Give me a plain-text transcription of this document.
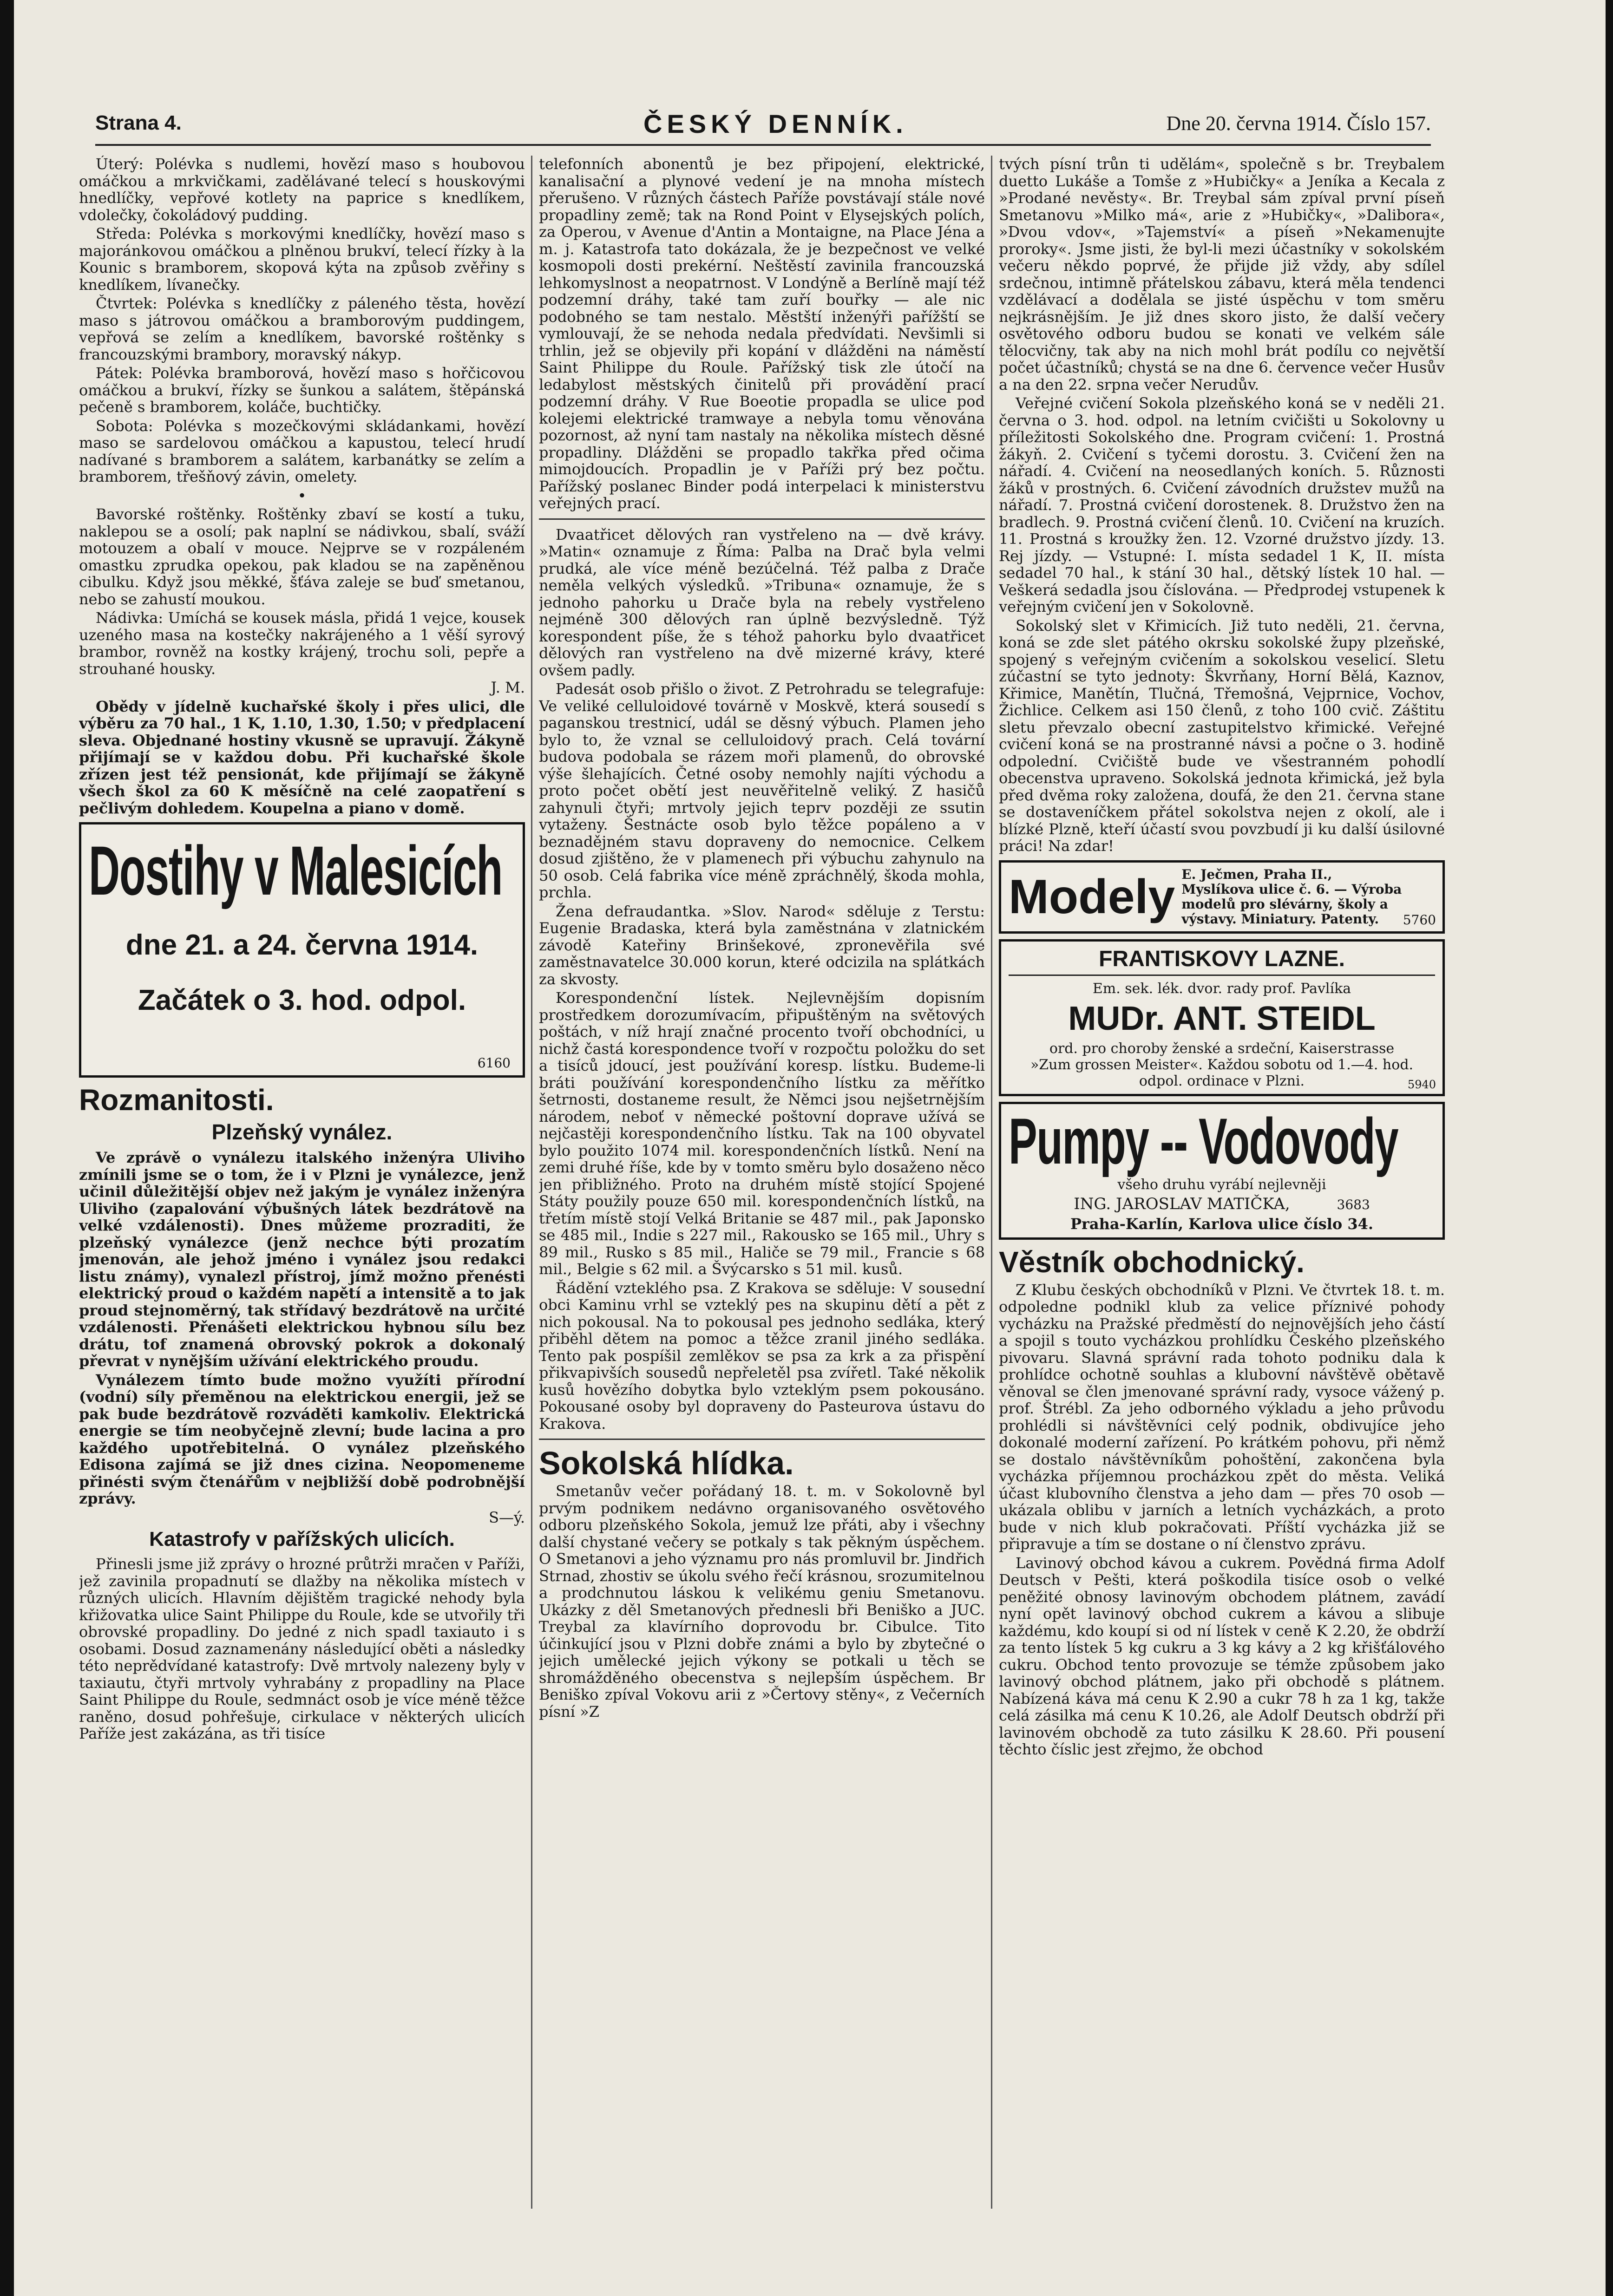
Strana 4.	ČESKÝ DENNÍK.	Dne 20. června 1914. Číslo 157.

Úterý: Polévka s nudlemi, hovězí maso s houbovou omáčkou a mrkvičkami, zadělávané telecí s houskovými hnedlíčky, vepřové kotlety na paprice s knedlíkem, vdolečky, čokoládový pudding.

Středa: Polévka s morkovými knedlíčky, hovězí maso s majoránkovou omáčkou a plněnou brukví, telecí řízky à la Kounic s bramborem, skopová kýta na způsob zvěřiny s knedlíkem, lívanečky.

Čtvrtek: Polévka s knedlíčky z páleného těsta, hovězí maso s játrovou omáčkou a bramborovým puddingem, vepřová se zelím a knedlíkem, bavorské roštěnky s francouzskými brambory, moravský nákyp.

Pátek: Polévka bramborová, hovězí maso s hořčicovou omáčkou a brukví, řízky se šunkou a salátem, štěpánská pečeně s bramborem, koláče, buchtičky.

Sobota: Polévka s mozečkovými skládankami, hovězí maso se sardelovou omáčkou a kapustou, telecí hrudí nadívané s bramborem a salátem, karbanátky se zelím a bramborem, třešňový závin, omelety.

•

Bavorské roštěnky. Roštěnky zbaví se kostí a tuku, naklepou se a osolí; pak naplní se nádivkou, sbalí, sváží motouzem a obalí v mouce. Nejprve se v rozpáleném omastku zprudka opekou, pak kladou se na zapěněnou cibulku. Když jsou měkké, šťáva zaleje se buď smetanou, nebo se zahustí moukou.

Nádivka: Umíchá se kousek másla, přidá 1 vejce, kousek uzeného masa na kostečky nakrájeného a 1 věší syrový brambor, rovněž na kostky krájený, trochu soli, pepře a strouhané housky.

J. M.

Obědy v jídelně kuchařské školy i přes ulici, dle výběru za 70 hal., 1 K, 1.10, 1.30, 1.50; v předplacení sleva. Objednané hostiny vkusně se upravují. Žákyně přijímají se v každou dobu. Při kuchařské škole zřízen jest též pensionát, kde přijímají se žákyně všech škol za 60 K měsíčně na celé zaopatření s pečlivým dohledem. Koupelna a piano v domě.

Dostihy v Malesicích
dne 21. a 24. června 1914.
Začátek o 3. hod. odpol.
6160
Rozmanitosti.
Plzeňský vynález.

Ve zprávě o vynálezu italského inženýra Uliviho zmínili jsme se o tom, že i v Plzni je vynálezce, jenž učinil důležitější objev než jakým je vynález inženýra Uliviho (zapalování výbušných látek bezdrátově na velké vzdálenosti). Dnes můžeme prozraditi, že plzeňský vynálezce (jenž nechce býti prozatím jmenován, ale jehož jméno i vynález jsou redakci listu známy), vynalezl přístroj, jímž možno přenésti elektrický proud o každém napětí a intensitě a to jak proud stejnoměrný, tak střídavý bezdrátově na určité vzdálenosti. Přenášeti elektrickou hybnou sílu bez drátu, tof znamená obrovský pokrok a dokonalý převrat v nynějším užívání elektrického proudu.

Vynálezem tímto bude možno využíti přírodní (vodní) síly přeměnou na elektrickou energii, jež se pak bude bezdrátově rozváděti kamkoliv. Elektrická energie se tím neobyčejně zlevní; bude lacina a pro každého upotřebitelná. O vynález plzeňského Edisona zajímá se již dnes cizina. Neopomeneme přinésti svým čtenářům v nejbližší době podrobnější zprávy.

S—ý.

Katastrofy v pařížských ulicích.

Přinesli jsme již zprávy o hrozné průtrži mračen v Paříži, jež zavinila propadnutí se dlažby na několika místech v různých ulicích. Hlavním dějištěm tragické nehody byla křižovatka ulice Saint Philippe du Roule, kde se utvořily tři obrovské propadliny. Do jedné z nich spadl taxiauto i s osobami. Dosud zaznamenány následující oběti a následky této neprědvídané katastrofy: Dvě mrtvoly nalezeny byly v taxiautu, čtyři mrtvoly vyhrabány z propadliny na Place Saint Philippe du Roule, sedmnáct osob je více méně těžce raněno, dosud pohřešuje, cirkulace v některých ulicích Paříže jest zakázána, as tři tisíce

telefonních abonentů je bez připojení, elektrické, kanalisační a plynové vedení je na mnoha místech přerušeno. V různých částech Paříže povstávají stále nové propadliny země; tak na Rond Point v Elysejských polích, za Operou, v Avenue d'Antin a Montaigne, na Place Jéna a m. j. Katastrofa tato dokázala, že je bezpečnost ve velké kosmopoli dosti prekérní. Neštěstí zavinila francouzská lehkomyslnost a neopatrnost. V Londýně a Berlíně mají též podzemní dráhy, také tam zuří bouřky — ale nic podobného se tam nestalo. Městští inženýři pařížští se vymlouvají, že se nehoda nedala předvídati. Nevšimli si trhlin, jež se objevily při kopání v dlážděni na náměstí Saint Philippe du Roule. Pařížský tisk zle útočí na ledabylost městských činitelů při provádění prací podzemní dráhy. V Rue Boeotie propadla se ulice pod kolejemi elektrické tramwaye a nebyla tomu věnována pozornost, až nyní tam nastaly na několika místech děsné propadliny. Dlážděni se propadlo takřka před očima mimojdoucích. Propadlin je v Paříži prý bez počtu. Pařížský poslanec Binder podá interpelaci k ministerstvu veřejných prací.

Dvaatřicet dělových ran vystřeleno na — dvě krávy. »Matin« oznamuje z Říma: Palba na Drač byla velmi prudká, ale více méně bezúčelná. Též palba z Drače neměla velkých výsledků. »Tribuna« oznamuje, že s jednoho pahorku u Drače byla na rebely vystřeleno nejméně 300 dělových ran úplně bezvýsledně. Týž korespondent píše, že s téhož pahorku bylo dvaatřicet dělových ran vystřeleno na dvě mizerné krávy, které ovšem padly.

Padesát osob přišlo o život. Z Petrohradu se telegrafuje: Ve veliké celluloidové továrně v Moskvě, která sousedí s paganskou trestnicí, udál se děsný výbuch. Plamen jeho bylo to, že vznal se celluloidový prach. Celá tovární budova podobala se rázem moři plamenů, do obrovské výše šlehajících. Četné osoby nemohly najíti východu a proto počet obětí jest neuvěřitelně veliký. Z hasičů zahynuli čtyři; mrtvoly jejich teprv později ze ssutin vytaženy. Šestnácte osob bylo těžce popáleno a v beznadějném stavu dopraveny do nemocnice. Celkem dosud zjištěno, že v plamenech při výbuchu zahynulo na 50 osob. Celá fabrika více méně zpráchnělý, škoda mohla, prchla.

Žena defraudantka. »Slov. Narod« sděluje z Terstu: Eugenie Bradaska, která byla zaměstnána v zlatnickém závodě Kateřiny Brinšekové, zpronevěřila své zaměstnavatelce 30.000 korun, které odcizila na splátkách za skvosty.

Korespondenční lístek. Nejlevnějším dopisním prostředkem dorozumívacím, připuštěným na světových poštách, v níž hrají značné procento tvoří obchodníci, u nichž častá korespondence tvoří v rozpočtu položku do set a tisíců jdoucí, jest používání koresp. lístku. Budeme-li bráti používání korespondenčního lístku za měřítko šetrnosti, dostaneme result, že Němci jsou nejšetrnějším národem, neboť v německé poštovní doprave užívá se nejčastěji korespondenčního lístku. Tak na 100 obyvatel bylo použito 1074 mil. korespondenčních lístků. Není na zemi druhé říše, kde by v tomto směru bylo dosaženo něco jen přibližného. Proto na druhém místě stojící Spojené Státy použily pouze 650 mil. korespondenčních lístků, na třetím místě stojí Velká Britanie se 487 mil., pak Japonsko se 485 mil., Indie s 227 mil., Rakousko se 165 mil., Uhry s 89 mil., Rusko s 85 mil., Haliče se 79 mil., Francie s 68 mil., Belgie s 62 mil. a Švýcarsko s 51 mil. kusů.

Řádění vzteklého psa. Z Krakova se sděluje: V sousední obci Kaminu vrhl se vzteklý pes na skupinu dětí a pět z nich pokousal. Na to pokousal pes jednoho sedláka, který přiběhl dětem na pomoc a těžce zranil jiného sedláka. Tento pak pospíšil zemlěkov se psa za krk a za přispění přikvapivších sousedů nepřeletěl psa zvířetl. Také několik kusů hovězího dobytka bylo vzteklým psem pokousáno. Pokousané osoby byl dopraveny do Pasteurova ústavu do Krakova.

Sokolská hlídka.

Smetanův večer pořádaný 18. t. m. v Sokolovně byl prvým podnikem nedávno organisovaného osvětového odboru plzeňského Sokola, jemuž lze přáti, aby i všechny další chystané večery se potkaly s tak pěkným úspěchem. O Smetanovi a jeho významu pro nás promluvil br. Jindřich Strnad, zhostiv se úkolu svého řečí krásnou, srozumitelnou a prodchnutou láskou k velikému geniu Smetanovu. Ukázky z děl Smetanových přednesli bři Beniško a JUC. Treybal za klavírního doprovodu br. Cibulce. Tito účinkující jsou v Plzni dobře známi a bylo by zbytečné o jejich umělecké jejich výkony se potkali u těch se shromážděného obecenstva s nejlepším úspěchem. Br Beniško zpíval Vokovu arii z »Čertovy stěny«, z Večerních písní »Z

tvých písní trůn ti udělám«, společně s br. Treybalem duetto Lukáše a Tomše z »Hubičky« a Jeníka a Kecala z »Prodané nevěsty«. Br. Treybal sám zpíval první píseň Smetanovu »Milko má«, arie z »Hubičky«, »Dalibora«, »Dvou vdov«, »Tajemství« a píseň »Nekamenujte proroky«. Jsme jisti, že byl-li mezi účastníky v sokolském večeru někdo poprvé, že přijde již vždy, aby sdílel srdečnou, intimně přátelskou zábavu, která měla tendenci vzdělávací a dodělala se jisté úspěchu v tom směru nejkrásnějším. Je již dnes skoro jisto, že další večery osvětového odboru budou se konati ve velkém sále tělocvičny, tak aby na nich mohl brát podílu co největší počet účastníků; chystá se na dne 6. července večer Husův a na den 22. srpna večer Nerudův.

Veřejné cvičení Sokola plzeňského koná se v neděli 21. června o 3. hod. odpol. na letním cvičišti u Sokolovny u příležitosti Sokolského dne. Program cvičení: 1. Prostná žákyň. 2. Cvičení s tyčemi dorostu. 3. Cvičení žen na nářadí. 4. Cvičení na neosedlaných koních. 5. Různosti žáků v prostných. 6. Cvičení závodních družstev mužů na nářadí. 7. Prostná cvičení dorostenek. 8. Družstvo žen na bradlech. 9. Prostná cvičení členů. 10. Cvičení na kruzích. 11. Prostná s kroužky žen. 12. Vzorné družstvo jízdy. 13. Rej jízdy. — Vstupné: I. místa sedadel 1 K, II. místa sedadel 70 hal., k stání 30 hal., dětský lístek 10 hal. — Veškerá sedadla jsou číslována. — Předprodej vstupenek k veřejným cvičení jen v Sokolovně.

Sokolský slet v Křimicích. Již tuto neděli, 21. června, koná se zde slet pátého okrsku sokolské župy plzeňské, spojený s veřejným cvičením a sokolskou veselicí. Sletu zúčastní se tyto jednoty: Škvrňany, Horní Bělá, Kaznov, Křimice, Manětín, Tlučná, Třemošná, Vejprnice, Vochov, Žichlice. Celkem asi 150 členů, z toho 100 cvič. Záštitu sletu převzalo obecní zastupitelstvo křimické. Veřejné cvičení koná se na prostranné návsi a počne o 3. hodině odpolední. Cvičiště bude ve všestranném pohodlí obecenstva upraveno. Sokolská jednota křimická, jež byla před dvěma roky založena, doufá, že den 21. června stane se dostaveníčkem přátel sokolstva nejen z okolí, ale i blízké Plzně, kteří účastí svou povzbudí ji ku další úsilovné práci! Na zdar!

Modely E. Ječmen, Praha II., Myslíkova ulice č. 6. — Výroba modelů pro slévárny, školy a výstavy. Miniatury. Patenty.	5760
FRANTISKOVY LAZNE.
Em. sek. lék. dvor. rady prof. Pavlíka
MUDr. ANT. STEIDL
ord. pro choroby ženské a srdeční, Kaiserstrasse »Zum grossen Meister«. Každou sobotu od 1.—4. hod. odpol. ordinace v Plzni.	5940
Pumpy -- Vodovody
všeho druhu vyrábí nejlevněji
ING. JAROSLAV MATIČKA,	3683
Praha-Karlín, Karlova ulice číslo 34.
Věstník obchodnický.

Z Klubu českých obchodníků v Plzni. Ve čtvrtek 18. t. m. odpoledne podnikl klub za velice příznivé pohody vycházku na Pražské předměstí do nejnovějších jeho částí a spojil s touto vycházkou prohlídku Českého plzeňského pivovaru. Slavná správní rada tohoto podniku dala k prohlídce ochotně souhlas a klubovní návštěvě obětavě věnoval se člen jmenované správní rady, vysoce vážený p. prof. Štrébl. Za jeho odborného výkladu a jeho průvodu prohlédli si návštěvníci celý podnik, obdivujíce jeho dokonalé moderní zařízení. Po krátkém pohovu, při němž se dostalo návštěvníkům pohoštění, zakončena byla vycházka příjemnou procházkou zpět do města. Veliká účast klubovního členstva a jeho dam — přes 70 osob — ukázala oblibu v jarních a letních vycházkách, a proto bude v nich klub pokračovati. Příští vycházka již se připravuje a tím se dostane o ní členstvo zprávu.

Lavinový obchod kávou a cukrem. Povědná firma Adolf Deutsch v Pešti, která poškodila tisíce osob o velké peněžité obnosy lavinovým obchodem plátnem, zavádí nyní opět lavinový obchod cukrem a kávou a slibuje každému, kdo koupí si od ní lístek v ceně K 2.20, že obdrží za tento lístek 5 kg cukru a 3 kg kávy a 2 kg křišťálového cukru. Obchod tento provozuje se témže způsobem jako lavinový obchod plátnem, jako při obchodě s plátnem. Nabízená káva má cenu K 2.90 a cukr 78 h za 1 kg, takže celá zásilka má cenu K 10.26, ale Adolf Deutsch obdrží při lavinovém obchodě za tuto zásilku K 28.60. Při pousení těchto číslic jest zřejmo, že obchod
